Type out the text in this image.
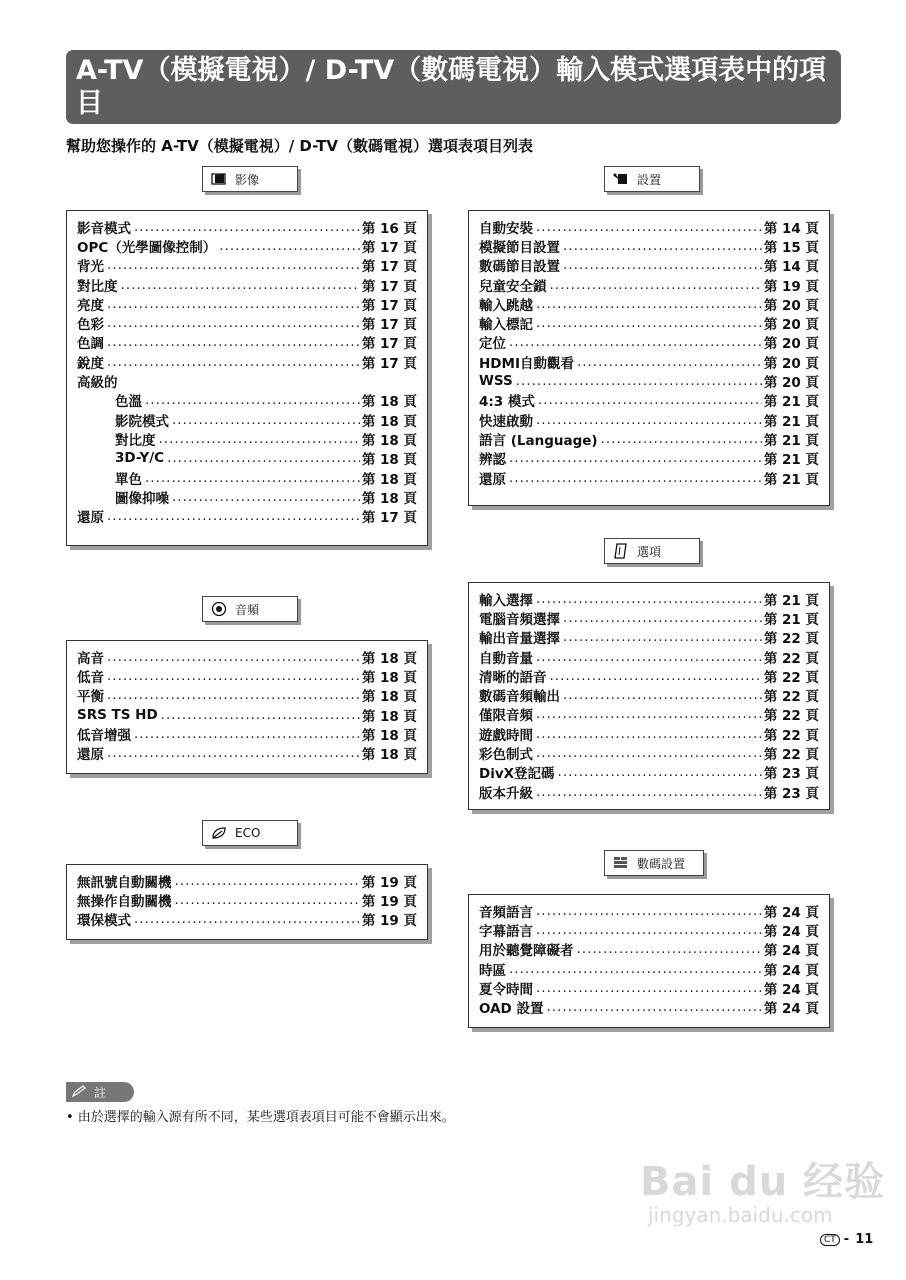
A-TV（模擬電視）/ D-TV（數碼電視）輸入模式選項表中的項目
幫助您操作的 A-TV（模擬電視）/ D-TV（數碼電視）選項表項目列表
影像
音頻
ECO
設置
選項
數碼設置
影音模式 .....	第 16 頁
OPC（光學圖像控制） .....	第 17 頁
背光 .....	第 17 頁
對比度 .....	第 17 頁
亮度 .....	第 17 頁
色彩 .....	第 17 頁
色調 .....	第 17 頁
銳度 .....	第 17 頁
高級的
色溫 .....	第 18 頁
影院模式 .....	第 18 頁
對比度 .....	第 18 頁
3D-Y/C .....	第 18 頁
單色 .....	第 18 頁
圖像抑噪 .....	第 18 頁
還原 .....	第 17 頁
高音 .....	第 18 頁
低音 .....	第 18 頁
平衡 .....	第 18 頁
SRS TS HD .....	第 18 頁
低音增强 .....	第 18 頁
還原 .....	第 18 頁
無訊號自動關機 .....	第 19 頁
無操作自動關機 .....	第 19 頁
環保模式 .....	第 19 頁
自動安裝 .....	第 14 頁
模擬節目設置 .....	第 15 頁
數碼節目設置 .....	第 14 頁
兒童安全鎖 .....	第 19 頁
輸入跳越 .....	第 20 頁
輸入標記 .....	第 20 頁
定位 .....	第 20 頁
HDMI自動觀看 .....	第 20 頁
WSS .....	第 20 頁
4:3 模式 .....	第 21 頁
快速啟動 .....	第 21 頁
語言 (Language) .....	第 21 頁
辨認 .....	第 21 頁
還原 .....	第 21 頁
輸入選擇 .....	第 21 頁
電腦音頻選擇 .....	第 21 頁
輸出音量選擇 .....	第 22 頁
自動音量 .....	第 22 頁
清晰的語音 .....	第 22 頁
數碼音頻輸出 .....	第 22 頁
僅限音頻 .....	第 22 頁
遊戲時間 .....	第 22 頁
彩色制式 .....	第 22 頁
DivX登記碼 .....	第 23 頁
版本升級 .....	第 23 頁
音頻語言 .....	第 24 頁
字幕語言 .....	第 24 頁
用於聽覺障礙者 .....	第 24 頁
時區 .....	第 24 頁
夏令時間 .....	第 24 頁
OAD 設置 .....	第 24 頁
註
• 由於選擇的輸入源有所不同，某些選項表項目可能不會顯示出來。
Bai du 经验
jingyan.baidu.com
CT - 11
